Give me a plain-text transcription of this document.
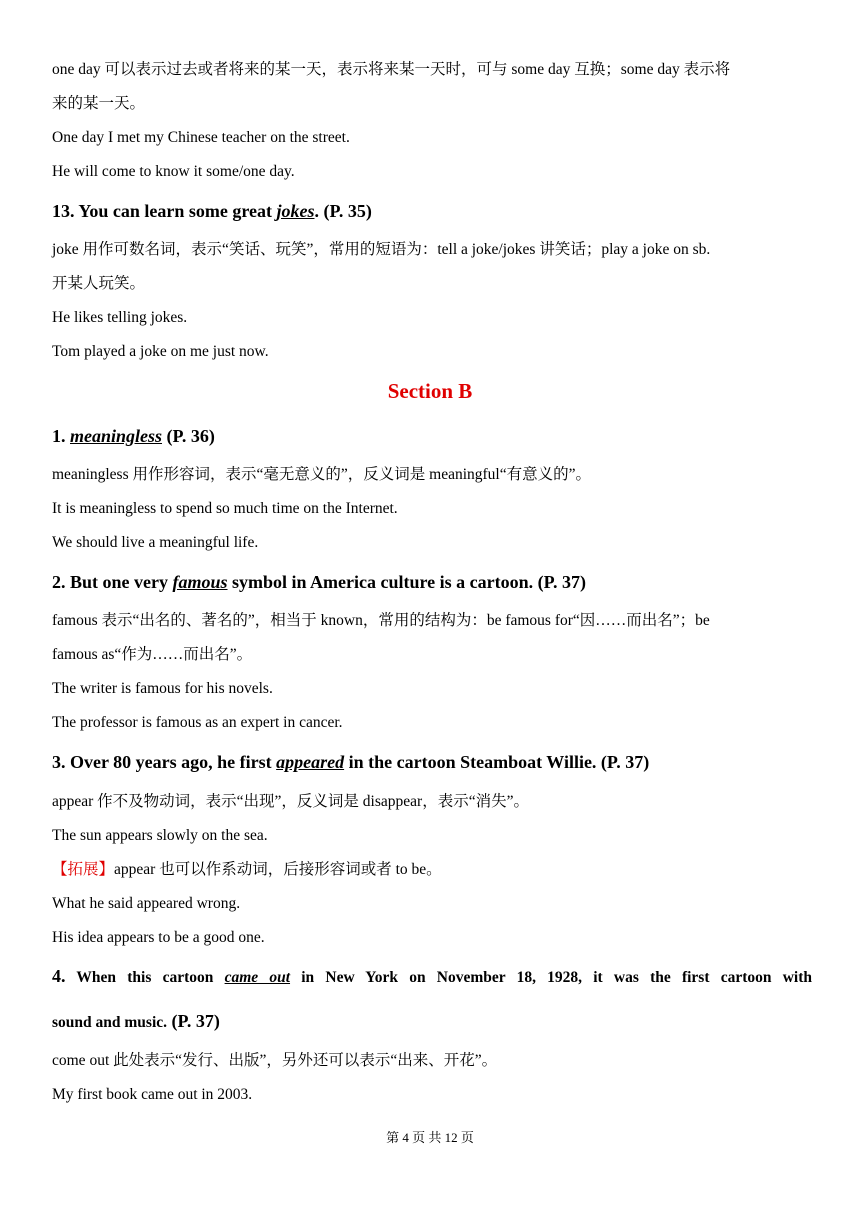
one day 可以表示过去或者将来的某一天，表示将来某一天时，可与 some day 互换；some day 表示将
来的某一天。
One day I met my Chinese teacher on the street.
He will come to know it some/one day.
13. You can learn some great jokes. (P. 35)
joke 用作可数名词，表示“笑话、玩笑”，常用的短语为：tell a joke/jokes 讲笑话；play a joke on sb.
开某人玩笑。
He likes telling jokes.
Tom played a joke on me just now.
Section B
1. meaningless (P. 36)
meaningless 用作形容词，表示“毫无意义的”，反义词是 meaningful“有意义的”。
It is meaningless to spend so much time on the Internet.
We should live a meaningful life.
2. But one very famous symbol in America culture is a cartoon. (P. 37)
famous 表示“出名的、著名的”，相当于 known，常用的结构为：be famous for“因……而出名”；be
famous as“作为……而出名”。
The writer is famous for his novels.
The professor is famous as an expert in cancer.
3. Over 80 years ago, he first appeared in the cartoon Steamboat Willie. (P. 37)
appear 作不及物动词，表示“出现”，反义词是 disappear，表示“消失”。
The sun appears slowly on the sea.
【拓展】appear 也可以作系动词，后接形容词或者 to be。
What he said appeared wrong.
His idea appears to be a good one.
4. When this cartoon came out in New York on November 18, 1928, it was the first cartoon with
sound and music. (P. 37)
come out 此处表示“发行、出版”，另外还可以表示“出来、开花”。
My first book came out in 2003.
第 4 页 共 12 页
